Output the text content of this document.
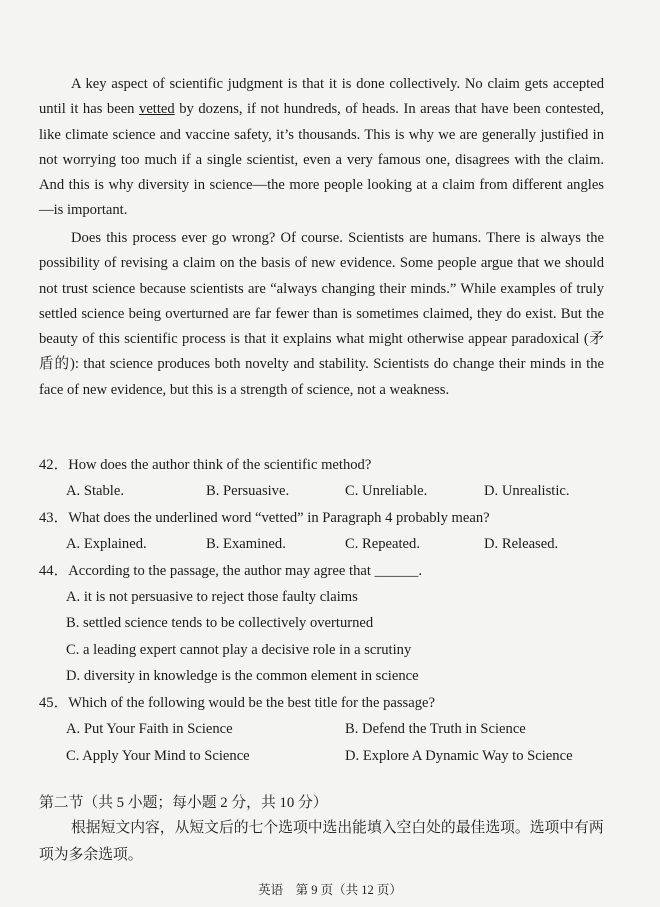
A key aspect of scientific judgment is that it is done collectively. No claim gets accepted until it has been vetted by dozens, if not hundreds, of heads. In areas that have been contested, like climate science and vaccine safety, it’s thousands. This is why we are generally justified in not worrying too much if a single scientist, even a very famous one, disagrees with the claim. And this is why diversity in science—the more people looking at a claim from different angles—is important.

Does this process ever go wrong? Of course. Scientists are humans. There is always the possibility of revising a claim on the basis of new evidence. Some people argue that we should not trust science because scientists are “always changing their minds.” While examples of truly settled science being overturned are far fewer than is sometimes claimed, they do exist. But the beauty of this scientific process is that it explains what might otherwise appear paradoxical (矛盾的): that science produces both novelty and stability. Scientists do change their minds in the face of new evidence, but this is a strength of science, not a weakness.

42．How does the author think of the scientific method?

A. Stable.	B. Persuasive.	C. Unreliable.	D. Unrealistic.

43．What does the underlined word “vetted” in Paragraph 4 probably mean?

A. Explained.	B. Examined.	C. Repeated.	D. Released.

44．According to the passage, the author may agree that ______.

A. it is not persuasive to reject those faulty claims
B. settled science tends to be collectively overturned
C. a leading expert cannot play a decisive role in a scrutiny
D. diversity in knowledge is the common element in science

45．Which of the following would be the best title for the passage?

A. Put Your Faith in Science	B. Defend the Truth in Science
C. Apply Your Mind to Science	D. Explore A Dynamic Way to Science

第二节（共 5 小题；每小题 2 分，共 10 分）

根据短文内容，从短文后的七个选项中选出能填入空白处的最佳选项。选项中有两项为多余选项。

英语　第 9 页（共 12 页）
